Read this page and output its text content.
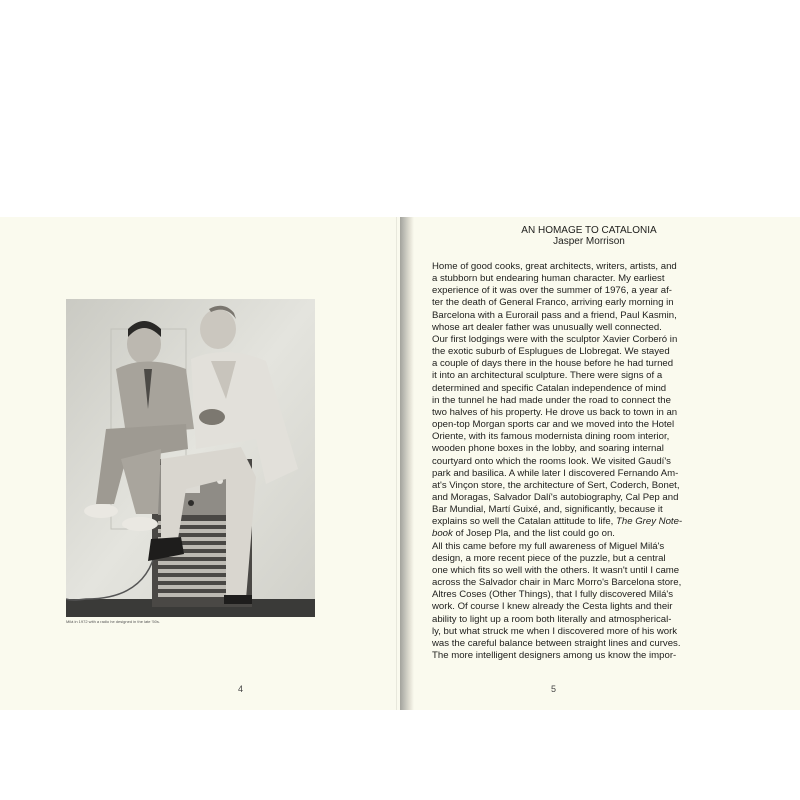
Milá in 1972 with a radio he designed in the late '50s.
4
AN HOMAGE TO CATALONIA
Jasper Morrison
Home of good cooks, great architects, writers, artists, and
a stubborn but endearing human character. My earliest
experience of it was over the summer of 1976, a year af-
ter the death of General Franco, arriving early morning in
Barcelona with a Eurorail pass and a friend, Paul Kasmin,
whose art dealer father was unusually well connected.
Our first lodgings were with the sculptor Xavier Corberó in
the exotic suburb of Esplugues de Llobregat. We stayed
a couple of days there in the house before he had turned
it into an architectural sculpture. There were signs of a
determined and specific Catalan independence of mind
in the tunnel he had made under the road to connect the
two halves of his property. He drove us back to town in an
open-top Morgan sports car and we moved into the Hotel
Oriente, with its famous modernista dining room interior,
wooden phone boxes in the lobby, and soaring internal
courtyard onto which the rooms look. We visited Gaudí's
park and basilica. A while later I discovered Fernando Am-
at's Vinçon store, the architecture of Sert, Coderch, Bonet,
and Moragas, Salvador Dalí's autobiography, Cal Pep and
Bar Mundial, Martí Guixé, and, significantly, because it
explains so well the Catalan attitude to life, The Grey Note-
book of Josep Pla, and the list could go on.
All this came before my full awareness of Miguel Milá's
design, a more recent piece of the puzzle, but a central
one which fits so well with the others. It wasn't until I came
across the Salvador chair in Marc Morro's Barcelona store,
Altres Coses (Other Things), that I fully discovered Milá's
work. Of course I knew already the Cesta lights and their
ability to light up a room both literally and atmospherical-
ly, but what struck me when I discovered more of his work
was the careful balance between straight lines and curves.
The more intelligent designers among us know the impor-
5
